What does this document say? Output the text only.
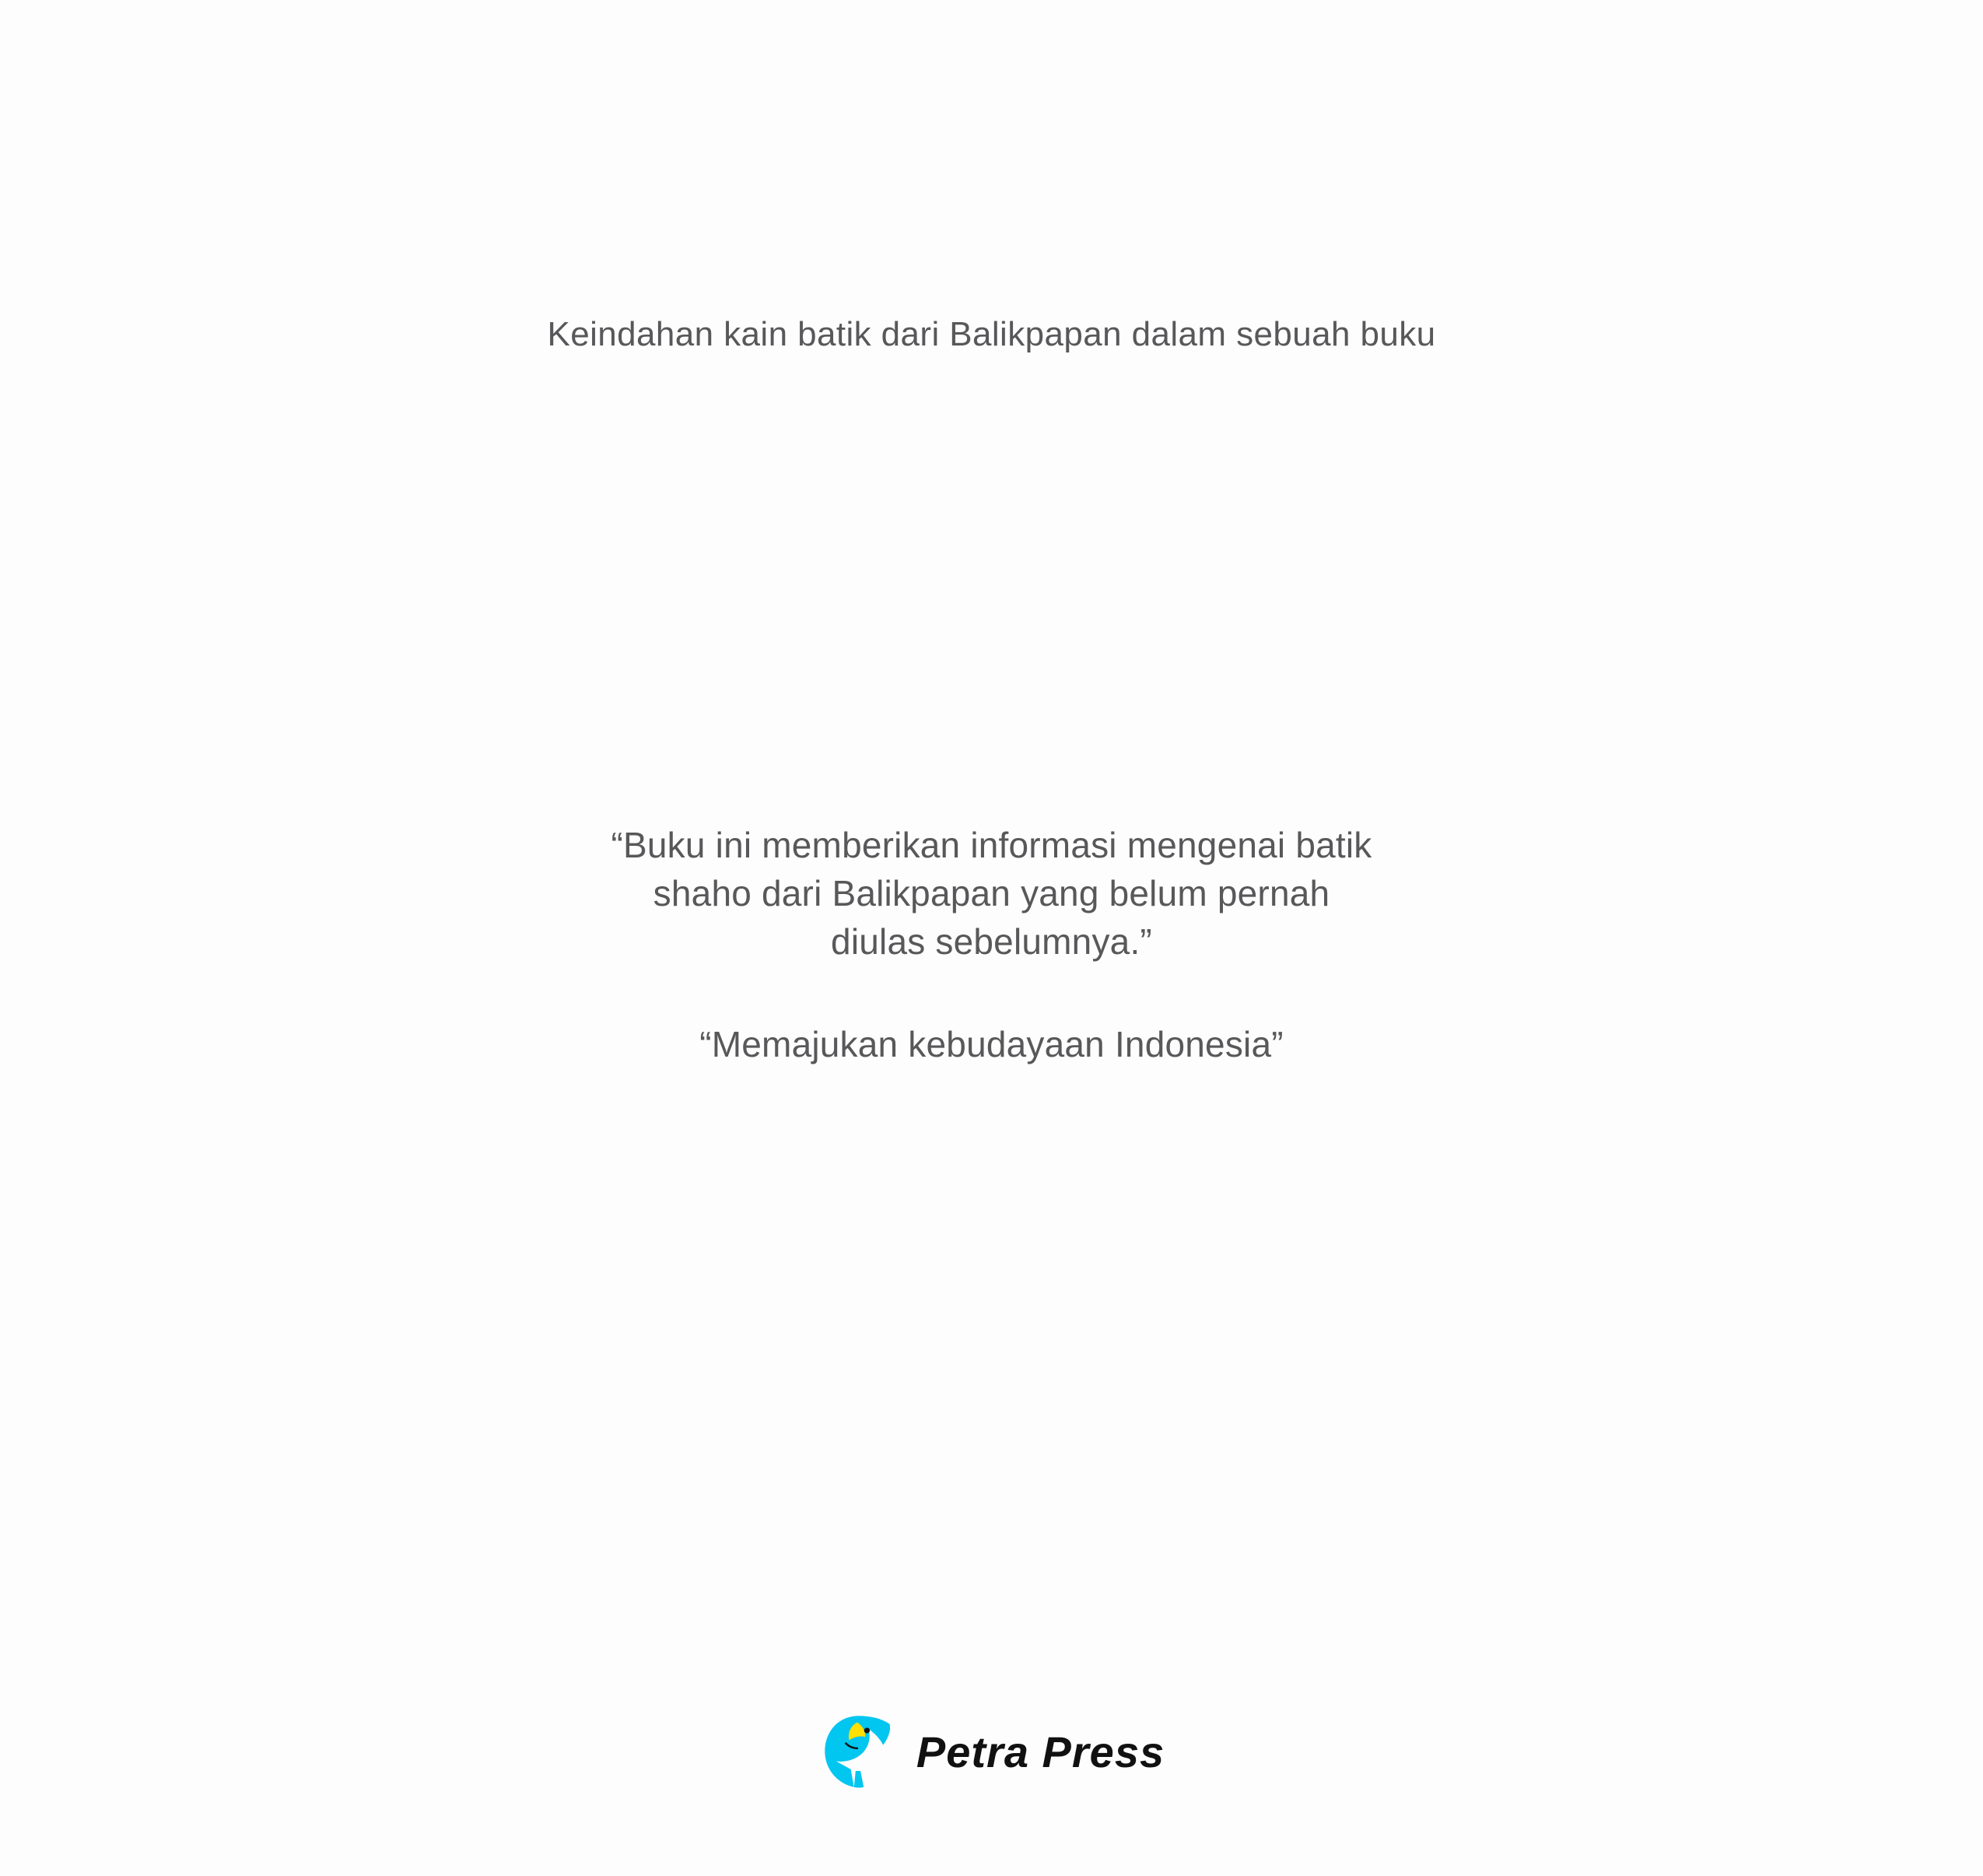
Keindahan kain batik dari Balikpapan dalam sebuah buku
“Buku ini memberikan informasi mengenai batik
shaho dari Balikpapan yang belum pernah
diulas sebelumnya.”
“Memajukan kebudayaan Indonesia”
Petra Press
